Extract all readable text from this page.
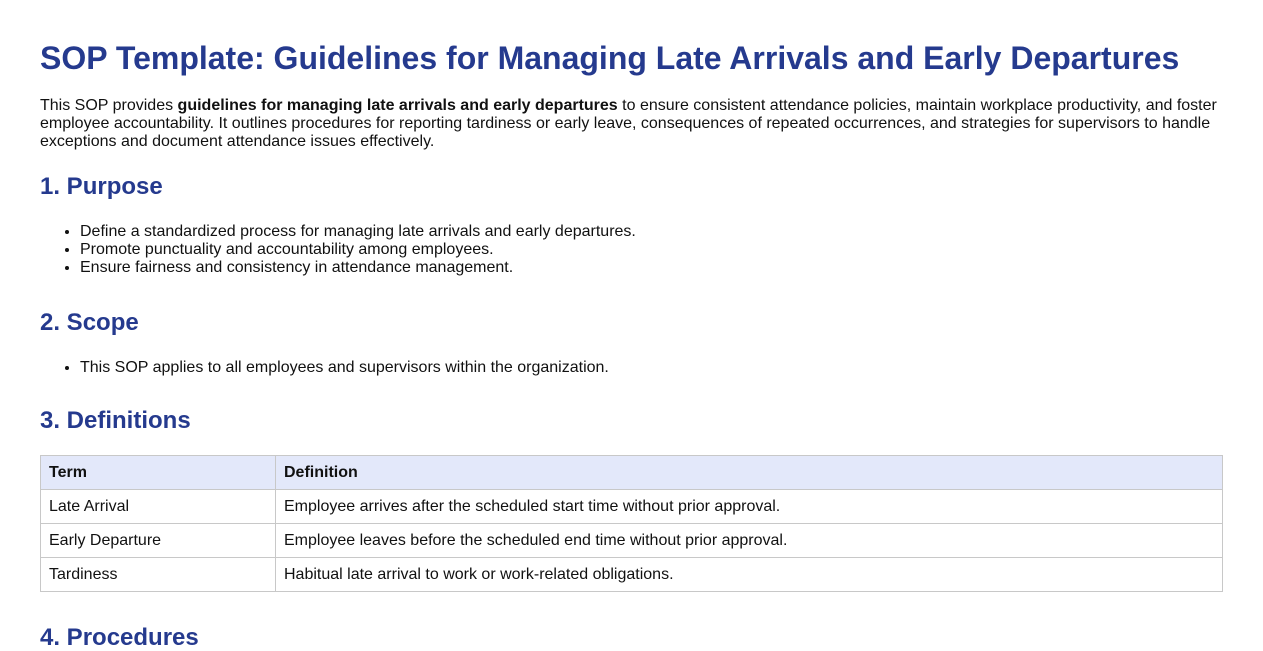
SOP Template: Guidelines for Managing Late Arrivals and Early Departures

This SOP provides guidelines for managing late arrivals and early departures to ensure consistent attendance policies, maintain workplace productivity, and foster employee accountability. It outlines procedures for reporting tardiness or early leave, consequences of repeated occurrences, and strategies for supervisors to handle exceptions and document attendance issues effectively.

1. Purpose
• Define a standardized process for managing late arrivals and early departures.
• Promote punctuality and accountability among employees.
• Ensure fairness and consistency in attendance management.
2. Scope
• This SOP applies to all employees and supervisors within the organization.
3. Definitions
Term	Definition
Late Arrival	Employee arrives after the scheduled start time without prior approval.
Early Departure	Employee leaves before the scheduled end time without prior approval.
Tardiness	Habitual late arrival to work or work-related obligations.
4. Procedures
